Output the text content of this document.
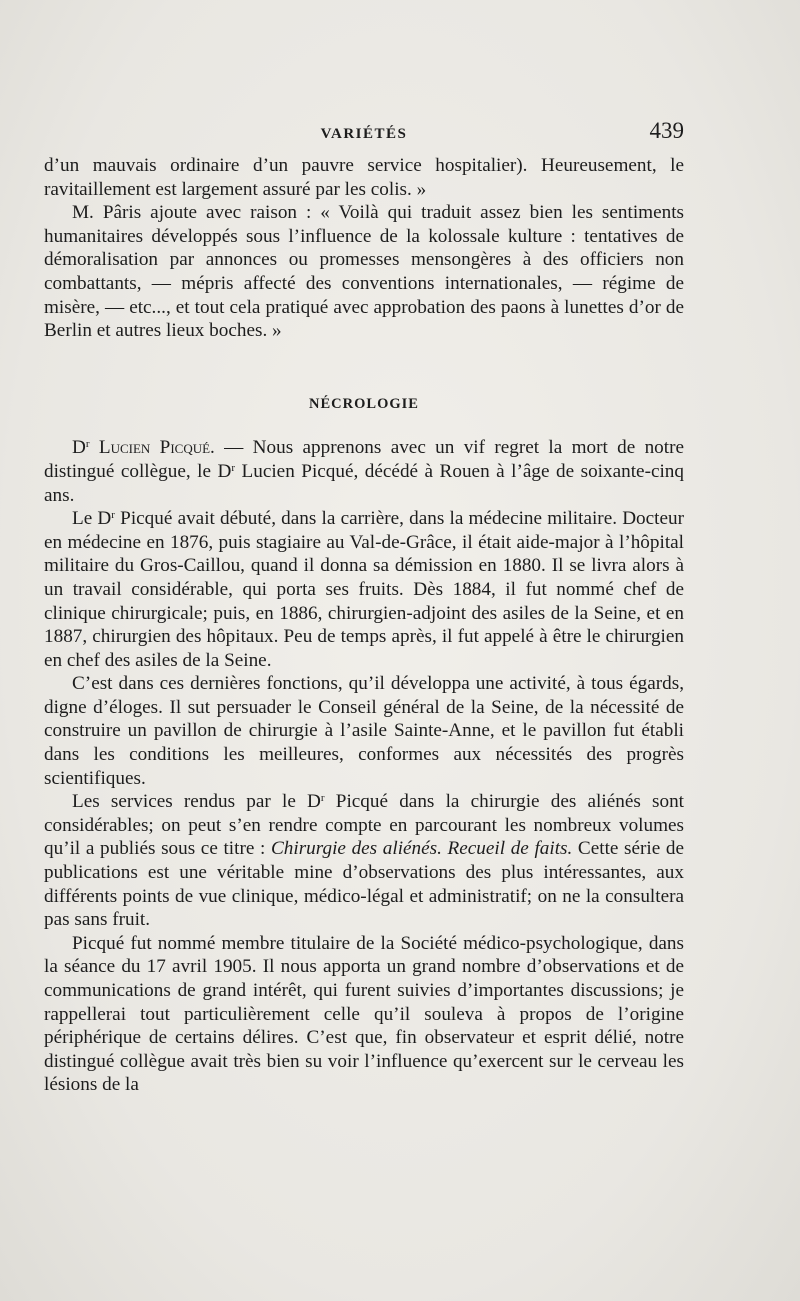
VARIÉTÉS	439

d’un mauvais ordinaire d’un pauvre service hospitalier). Heureusement, le ravitaillement est largement assuré par les colis. »

M. Pâris ajoute avec raison : « Voilà qui traduit assez bien les sentiments humanitaires développés sous l’influence de la kolossale kulture : tentatives de démoralisation par annonces ou promesses mensongères à des officiers non combattants, — mépris affecté des conventions internationales, — régime de misère, — etc..., et tout cela pratiqué avec approbation des paons à lunettes d’or de Berlin et autres lieux boches. »

NÉCROLOGIE

$D^r$ Lucien Picqué. — Nous apprenons avec un vif regret la mort de notre distingué collègue, le $D^r$ Lucien Picqué, décédé à Rouen à l’âge de soixante-cinq ans.

Le $D^r$ Picqué avait débuté, dans la carrière, dans la médecine militaire. Docteur en médecine en 1876, puis stagiaire au Val-de-Grâce, il était aide-major à l’hôpital militaire du Gros-Caillou, quand il donna sa démission en 1880. Il se livra alors à un travail considérable, qui porta ses fruits. Dès 1884, il fut nommé chef de clinique chirurgicale; puis, en 1886, chirurgien-adjoint des asiles de la Seine, et en 1887, chirurgien des hôpitaux. Peu de temps après, il fut appelé à être le chirurgien en chef des asiles de la Seine.

C’est dans ces dernières fonctions, qu’il développa une activité, à tous égards, digne d’éloges. Il sut persuader le Conseil général de la Seine, de la nécessité de construire un pavillon de chirurgie à l’asile Sainte-Anne, et le pavillon fut établi dans les conditions les meilleures, conformes aux nécessités des progrès scientifiques.

Les services rendus par le $D^r$ Picqué dans la chirurgie des aliénés sont considérables; on peut s’en rendre compte en parcourant les nombreux volumes qu’il a publiés sous ce titre : Chirurgie des aliénés. Recueil de faits. Cette série de publications est une véritable mine d’observations des plus intéressantes, aux différents points de vue clinique, médico-légal et administratif; on ne la consultera pas sans fruit.

Picqué fut nommé membre titulaire de la Société médico-psychologique, dans la séance du 17 avril 1905. Il nous apporta un grand nombre d’observations et de communications de grand intérêt, qui furent suivies d’importantes discussions; je rappellerai tout particulièrement celle qu’il souleva à propos de l’origine périphérique de certains délires. C’est que, fin observateur et esprit délié, notre distingué collègue avait très bien su voir l’influence qu’exercent sur le cerveau les lésions de la
